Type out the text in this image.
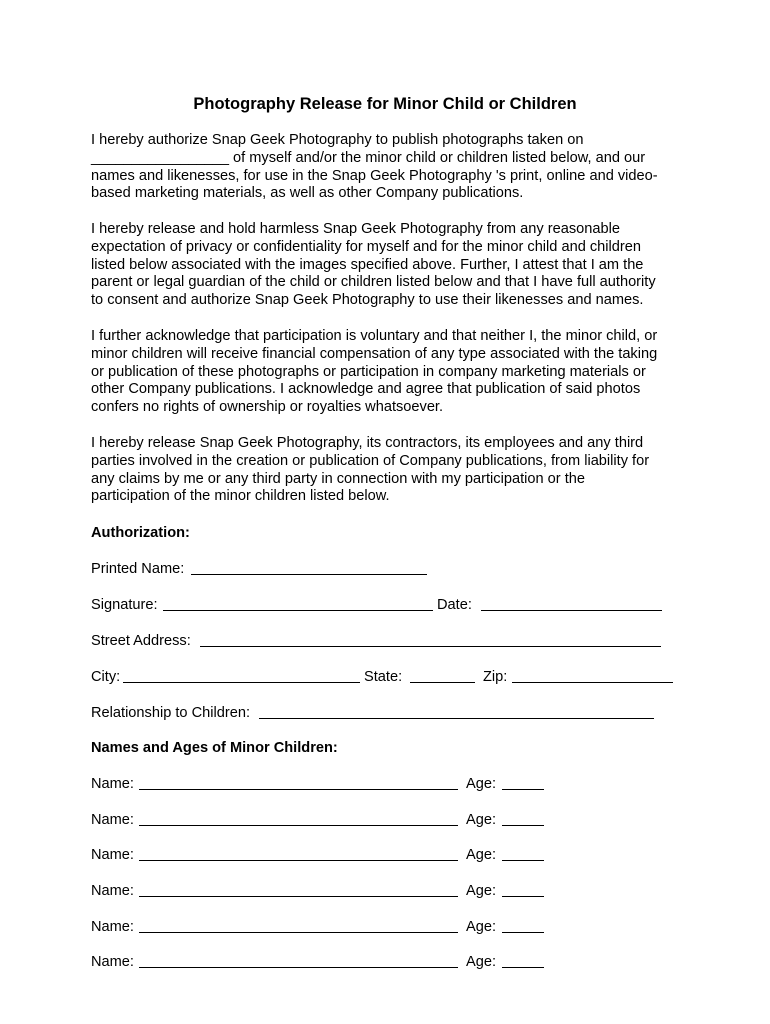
Photography Release for Minor Child or Children

I hereby authorize Snap Geek Photography to publish photographs taken on
_________________ of myself and/or the minor child or children listed below, and our
names and likenesses, for use in the Snap Geek Photography 's print, online and video-
based marketing materials, as well as other Company publications.

I hereby release and hold harmless Snap Geek Photography from any reasonable
expectation of privacy or confidentiality for myself and for the minor child and children
listed below associated with the images specified above. Further, I attest that I am the
parent or legal guardian of the child or children listed below and that I have full authority
to consent and authorize Snap Geek Photography to use their likenesses and names.

I further acknowledge that participation is voluntary and that neither I, the minor child, or
minor children will receive financial compensation of any type associated with the taking
or publication of these photographs or participation in company marketing materials or
other Company publications. I acknowledge and agree that publication of said photos
confers no rights of ownership or royalties whatsoever.

I hereby release Snap Geek Photography, its contractors, its employees and any third
parties involved in the creation or publication of Company publications, from liability for
any claims by me or any third party in connection with my participation or the
participation of the minor children listed below.

Authorization:
Printed Name:
Signature:	Date:
Street Address:
City:	State:	Zip:
Relationship to Children:
Names and Ages of Minor Children:
Name:	Age:
Name:	Age:
Name:	Age:
Name:	Age:
Name:	Age:
Name:	Age:
